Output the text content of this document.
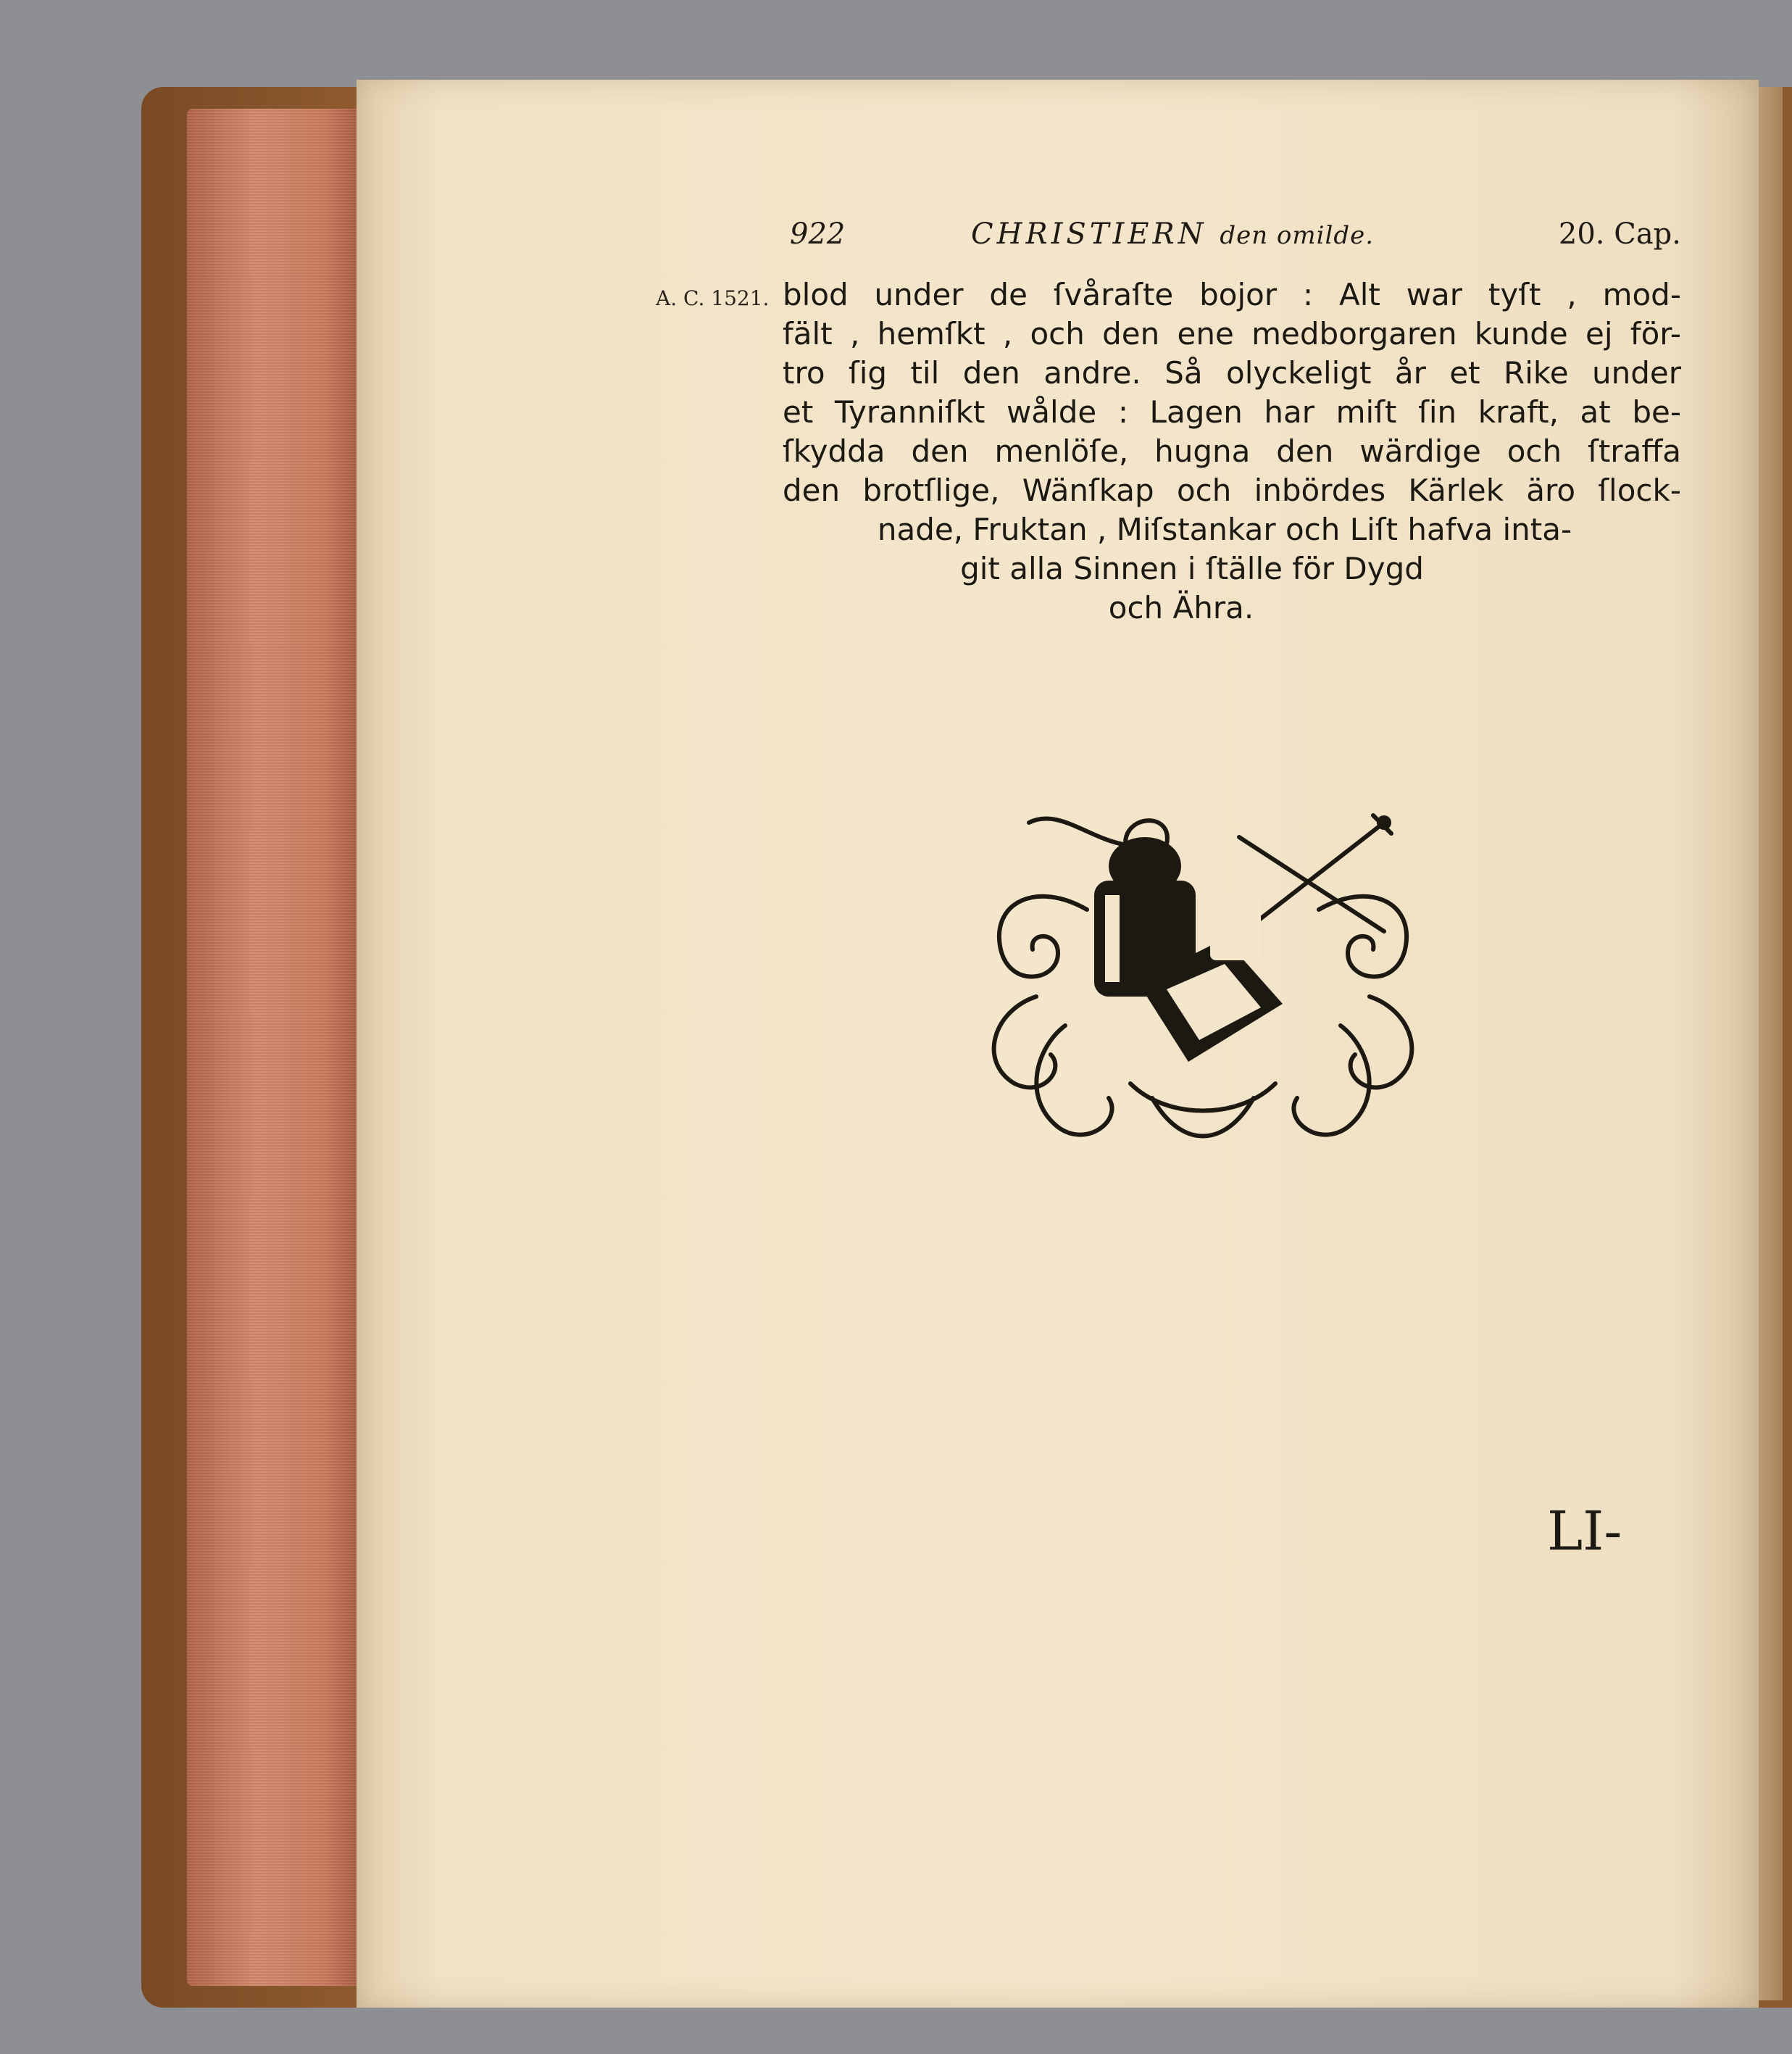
922	CHRISTIERN den omilde.	20. Cap.
A. C. 1521. blod under de ſvåraſte bojor : Alt war tyſt , mod-
fält , hemſkt , och den ene medborgaren kunde ej för-
tro ſig til den andre. Så olyckeligt år et Rike under
et Tyranniſkt wålde : Lagen har miſt ſin kraft, at be-
ſkydda den menlöſe, hugna den wärdige och ſtraffa
den brotſlige, Wänſkap och inbördes Kärlek äro ſlock-
nade, Fruktan , Miſstankar och Liſt hafva inta-
git alla Sinnen i ſtälle för Dygd
och Ähra.
LI-
